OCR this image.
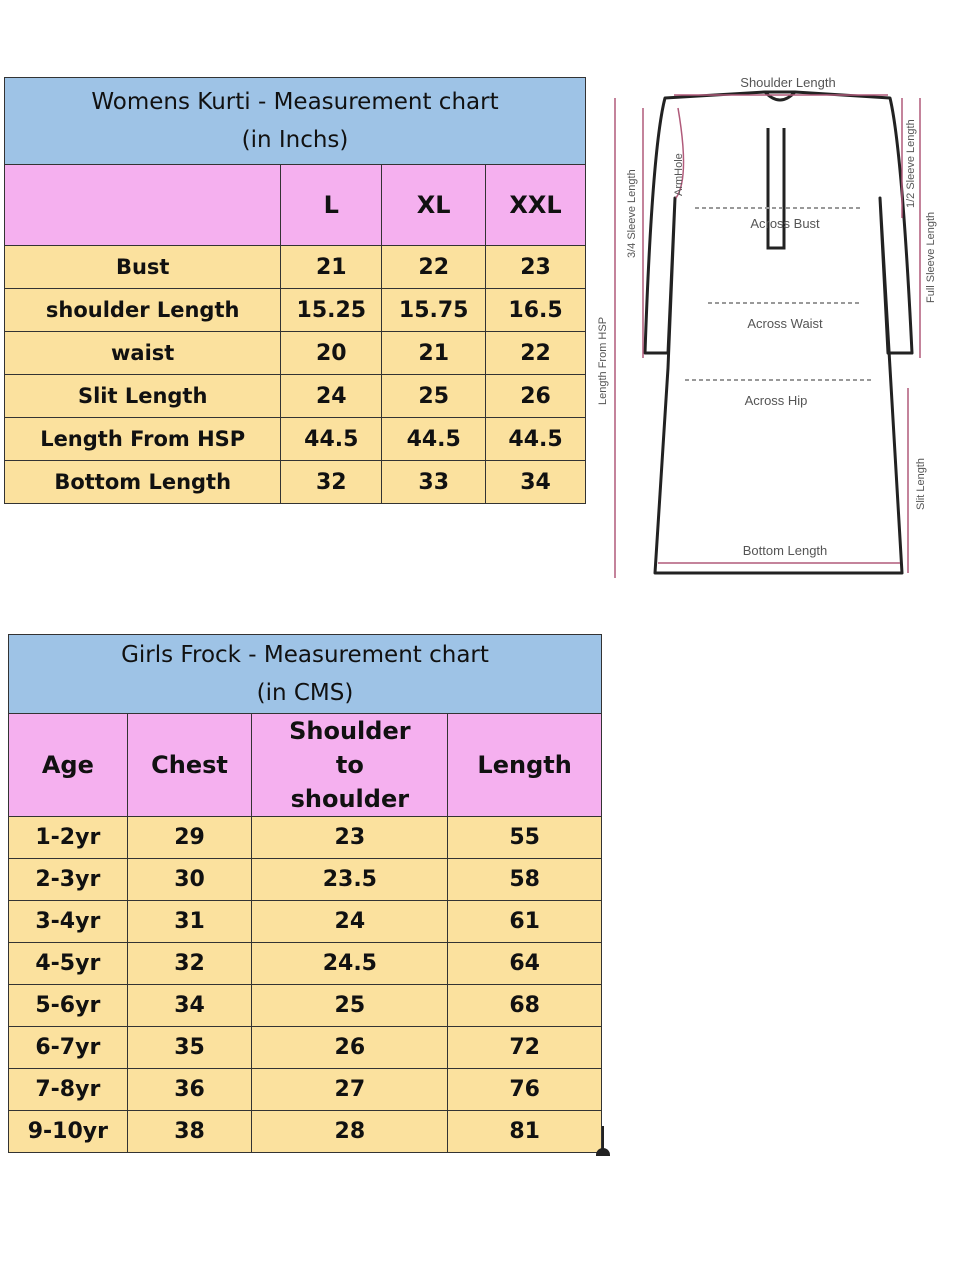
Womens Kurti - Measurement chart
(in Inchs)			

	L	XL	XXL
Bust	21	22	23
shoulder Length	15.25	15.75	16.5
waist	20	21	22
Slit Length	24	25	26
Length From HSP	44.5	44.5	44.5
Bottom Length	32	33	34
Shoulder Length
ArmHole
Across Bust
Across Waist
Across Hip
Bottom Length
3/4 Sleeve Length
Length From HSP
1/2 Sleeve Length
Full Sleeve Length
Slit Length
Girls Frock - Measurement chart
(in CMS)			

Age	Chest	Shoulder to shoulder	Length
1-2yr	29	23	55
2-3yr	30	23.5	58
3-4yr	31	24	61
4-5yr	32	24.5	64
5-6yr	34	25	68
6-7yr	35	26	72
7-8yr	36	27	76
9-10yr	38	28	81
